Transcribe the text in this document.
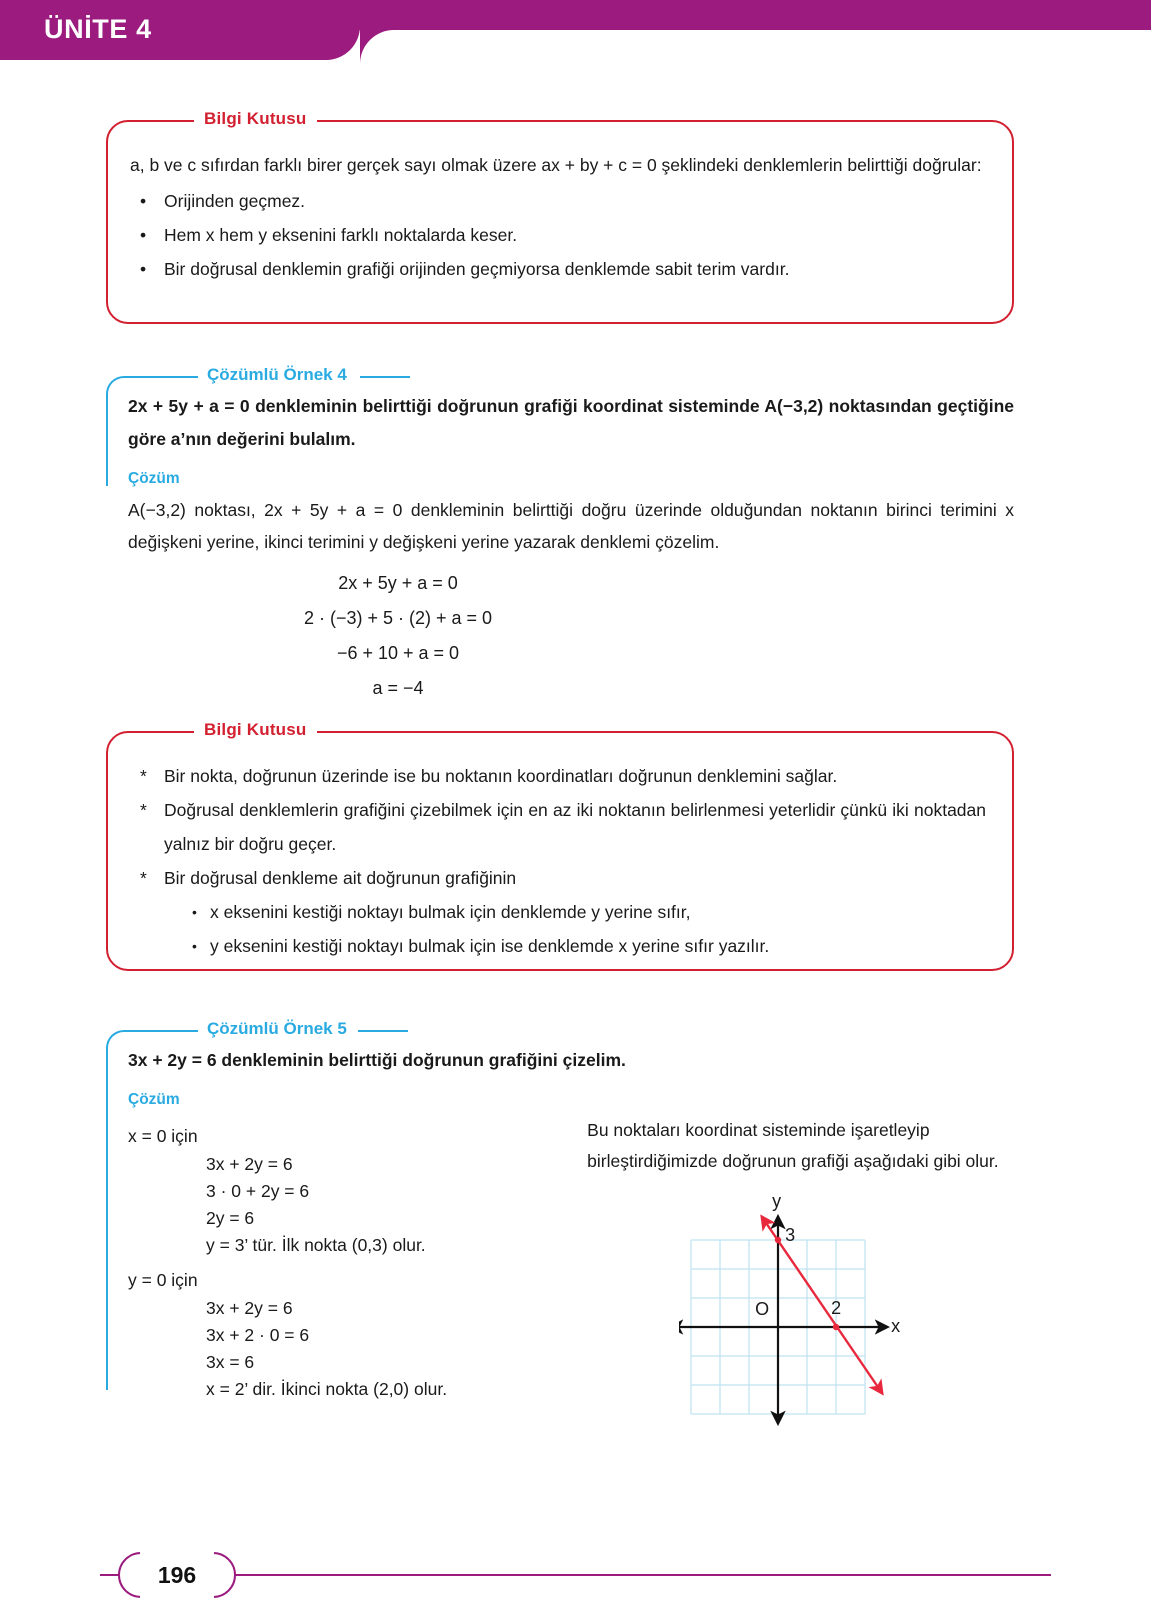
ÜNİTE 4
Bilgi Kutusu

a, b ve c sıfırdan farklı birer gerçek sayı olmak üzere ax + by + c = 0 şeklindeki denklemlerin belirttiği doğrular:

•	Orijinden geçmez.
•	Hem x hem y eksenini farklı noktalarda keser.
•	Bir doğrusal denklemin grafiği orijinden geçmiyorsa denklemde sabit terim vardır.
Çözümlü Örnek 4
2x + 5y + a = 0 denkleminin belirttiği doğrunun grafiği koordinat sisteminde A(−3,2) noktasından geçtiğine göre a’nın değerini bulalım.
Çözüm
A(−3,2) noktası, 2x + 5y + a = 0 denkleminin belirttiği doğru üzerinde olduğundan noktanın birinci terimini x değişkeni yerine, ikinci terimini y değişkeni yerine yazarak denklemi çözelim.
2x + 5y + a = 0
2 · (−3) + 5 · (2) + a = 0
−6 + 10 + a = 0
a = −4
Bilgi Kutusu
* Bir nokta, doğrunun üzerinde ise bu noktanın koordinatları doğrunun denklemini sağlar.
* Doğrusal denklemlerin grafiğini çizebilmek için en az iki noktanın belirlenmesi yeterlidir çünkü iki noktadan yalnız bir doğru geçer.
* Bir doğrusal denkleme ait doğrunun grafiğinin
• x eksenini kestiği noktayı bulmak için denklemde y yerine sıfır,
• y eksenini kestiği noktayı bulmak için ise denklemde x yerine sıfır yazılır.
Çözümlü Örnek 5
3x + 2y = 6 denkleminin belirttiği doğrunun grafiğini çizelim.
Çözüm
x = 0 için
3x + 2y = 6
3 · 0 + 2y = 6
2y = 6
y = 3’ tür. İlk nokta (0,3) olur.
y = 0 için
3x + 2y = 6
3x + 2 · 0 = 6
3x = 6
x = 2’ dir. İkinci nokta (2,0) olur.
Bu noktaları koordinat sisteminde işaretleyip birleştirdiğimizde doğrunun grafiği aşağıdaki gibi olur.
y
x
O
3
2
196
